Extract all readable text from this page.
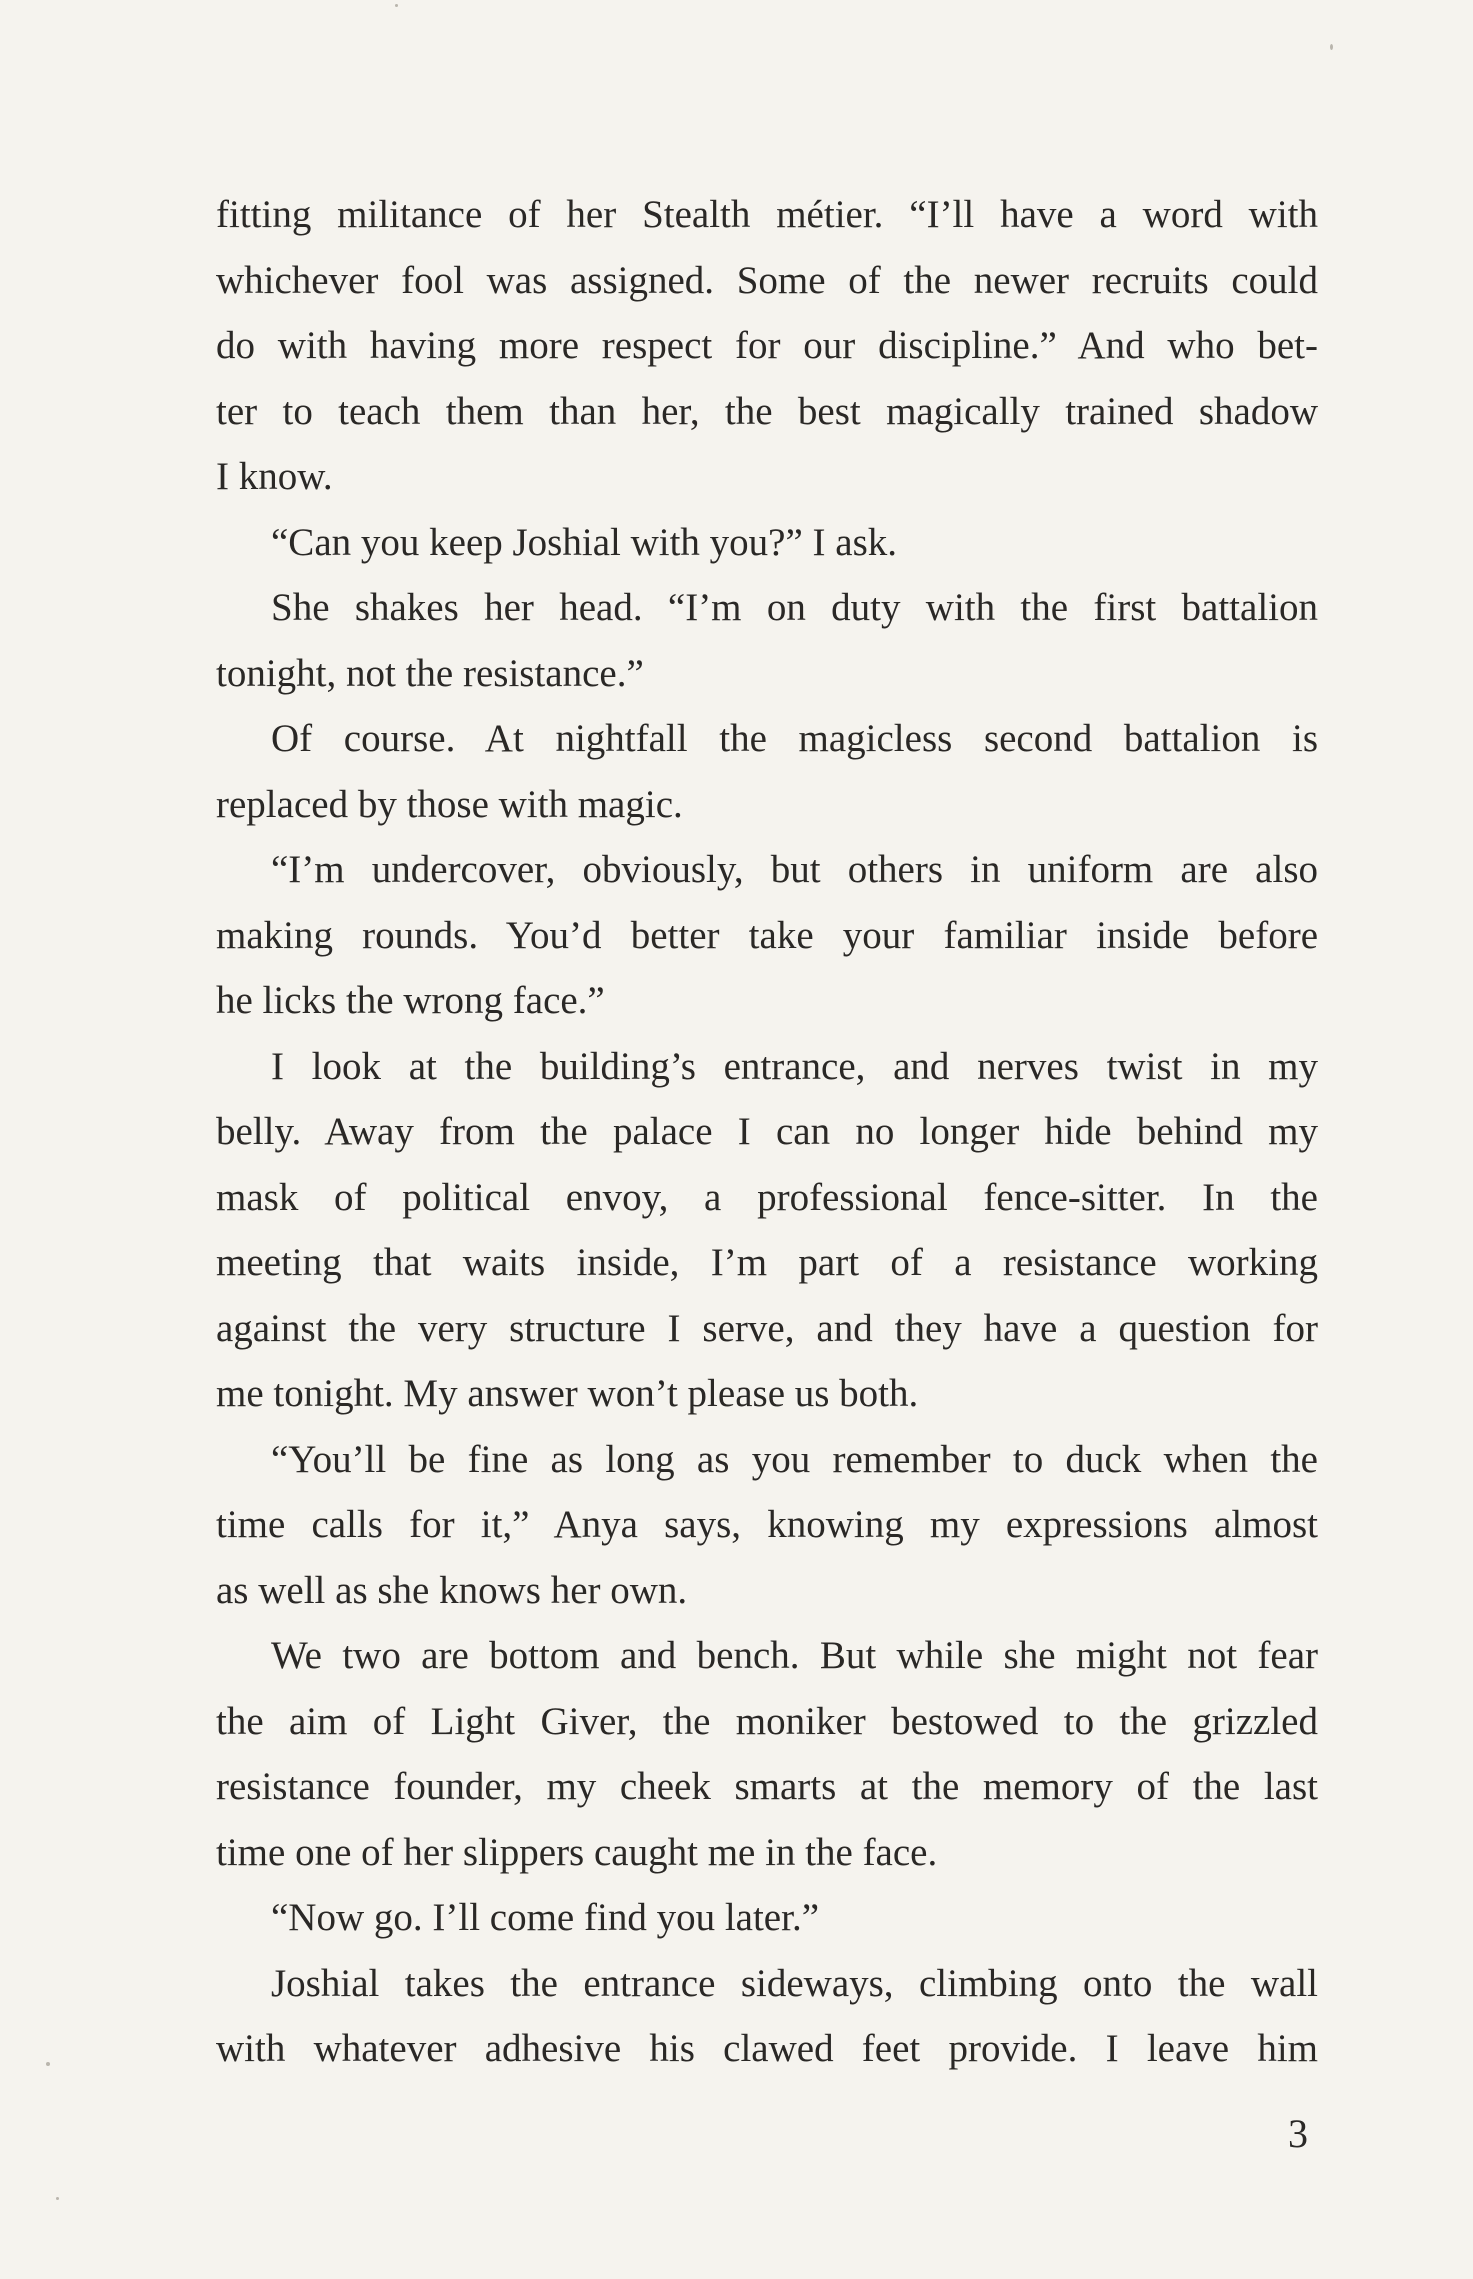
fitting militance of her Stealth métier. “I’ll have a word with
whichever fool was assigned. Some of the newer recruits could
do with having more respect for our discipline.” And who bet-
ter to teach them than her, the best magically trained shadow
I know.
“Can you keep Joshial with you?” I ask.
She shakes her head. “I’m on duty with the first battalion
tonight, not the resistance.”
Of course. At nightfall the magicless second battalion is
replaced by those with magic.
“I’m undercover, obviously, but others in uniform are also
making rounds. You’d better take your familiar inside before
he licks the wrong face.”
I look at the building’s entrance, and nerves twist in my
belly. Away from the palace I can no longer hide behind my
mask of political envoy, a professional fence-sitter. In the
meeting that waits inside, I’m part of a resistance working
against the very structure I serve, and they have a question for
me tonight. My answer won’t please us both.
“You’ll be fine as long as you remember to duck when the
time calls for it,” Anya says, knowing my expressions almost
as well as she knows her own.
We two are bottom and bench. But while she might not fear
the aim of Light Giver, the moniker bestowed to the grizzled
resistance founder, my cheek smarts at the memory of the last
time one of her slippers caught me in the face.
“Now go. I’ll come find you later.”
Joshial takes the entrance sideways, climbing onto the wall
with whatever adhesive his clawed feet provide. I leave him
3
